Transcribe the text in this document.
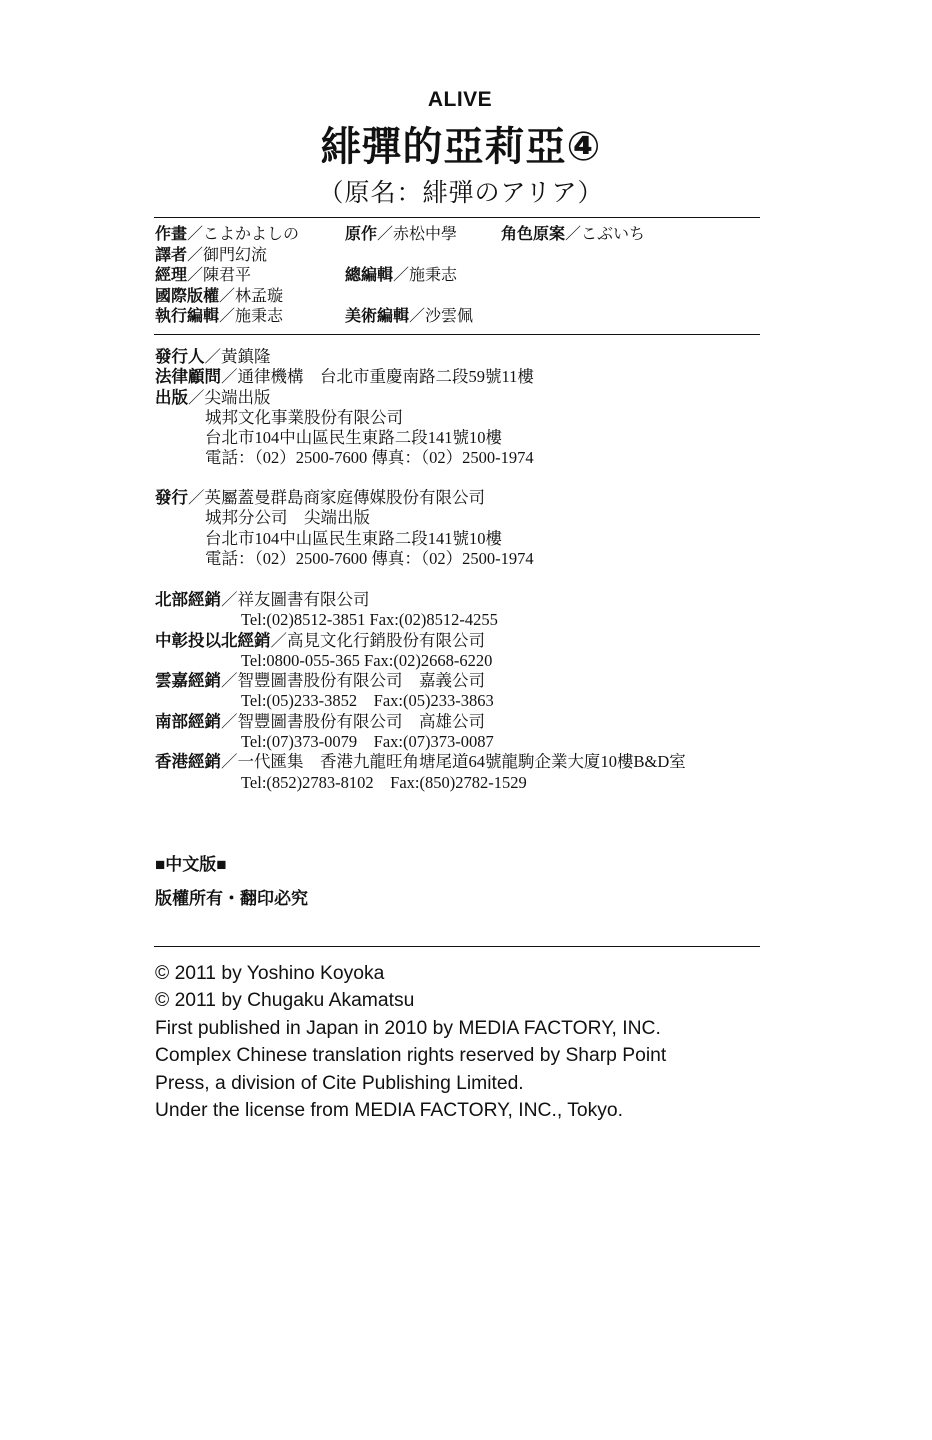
ALIVE
緋彈的亞莉亞④
（原名：緋弾のアリア）
作畫／こよかよしの	原作／赤松中學	角色原案／こぶいち
譯者／御門幻流
經理／陳君平	總編輯／施秉志
國際版權／林孟璇
執行編輯／施秉志	美術編輯／沙雲佩
發行人／黃鎮隆
法律顧問／通律機構　台北市重慶南路二段59號11樓
出版／尖端出版
城邦文化事業股份有限公司
台北市104中山區民生東路二段141號10樓
電話：（02）2500-7600 傳真：（02）2500-1974
發行／英屬蓋曼群島商家庭傳媒股份有限公司
城邦分公司　尖端出版
台北市104中山區民生東路二段141號10樓
電話：（02）2500-7600 傳真：（02）2500-1974
北部經銷／祥友圖書有限公司
Tel:(02)8512-3851 Fax:(02)8512-4255
中彰投以北經銷／高見文化行銷股份有限公司
Tel:0800-055-365 Fax:(02)2668-6220
雲嘉經銷／智豐圖書股份有限公司　嘉義公司
Tel:(05)233-3852　Fax:(05)233-3863
南部經銷／智豐圖書股份有限公司　高雄公司
Tel:(07)373-0079　Fax:(07)373-0087
香港經銷／一代匯集　香港九龍旺角塘尾道64號龍駒企業大廈10樓B&D室
Tel:(852)2783-8102　Fax:(850)2782-1529
■中文版■
版權所有・翻印必究
© 2011 by Yoshino Koyoka
© 2011 by Chugaku Akamatsu
First published in Japan in 2010 by MEDIA FACTORY, INC.
Complex Chinese translation rights reserved by Sharp Point
Press, a division of Cite Publishing Limited.
Under the license from MEDIA FACTORY, INC., Tokyo.
